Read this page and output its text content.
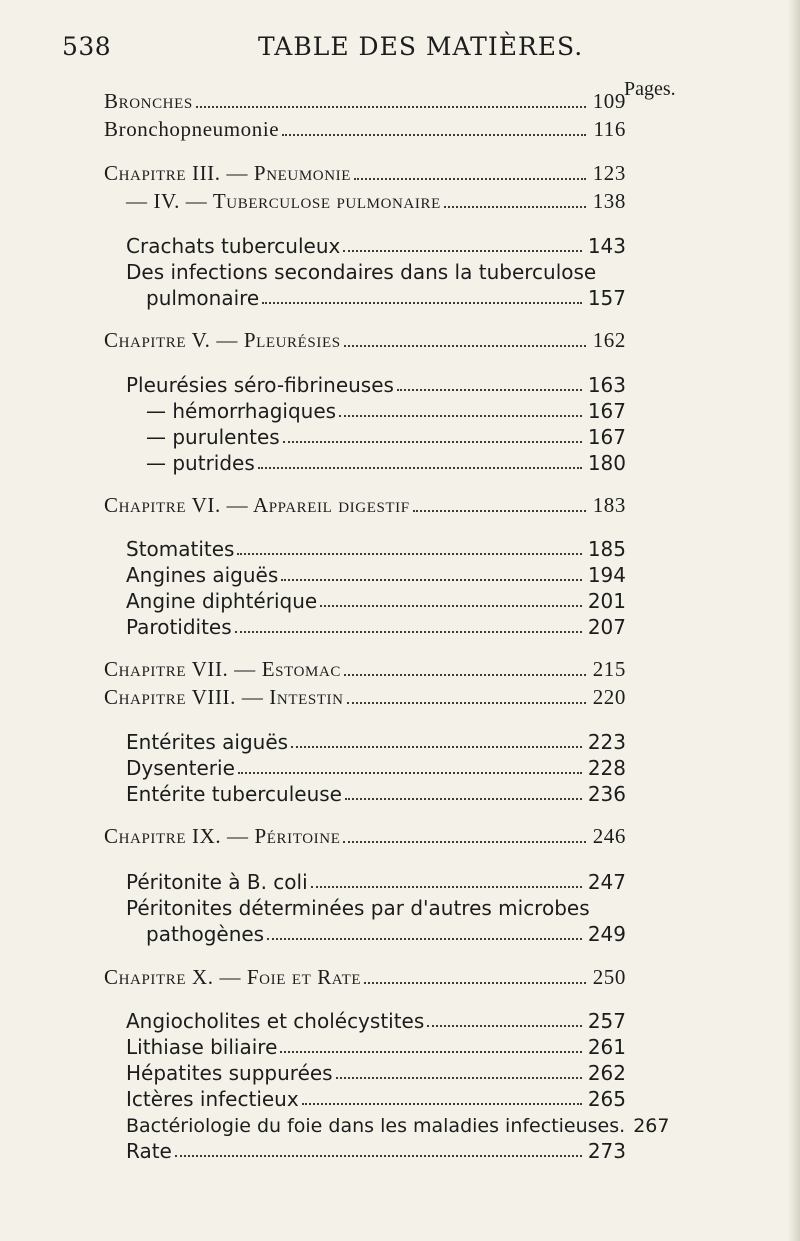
538	TABLE DES MATIÈRES.
Pages.
Bronches	109
Bronchopneumonie	116
Chapitre III. — Pneumonie	123
— IV. — Tuberculose pulmonaire	138
Crachats tuberculeux	143
Des infections secondaires dans la tuberculose
pulmonaire	157
Chapitre V. — Pleurésies	162
Pleurésies séro-fibrineuses	163
— hémorrhagiques	167
— purulentes	167
— putrides	180
Chapitre VI. — Appareil digestif	183
Stomatites	185
Angines aiguës	194
Angine diphtérique	201
Parotidites	207
Chapitre VII. — Estomac	215
Chapitre VIII. — Intestin	220
Entérites aiguës	223
Dysenterie	228
Entérite tuberculeuse	236
Chapitre IX. — Péritoine	246
Péritonite à B. coli	247
Péritonites déterminées par d'autres microbes
pathogènes	249
Chapitre X. — Foie et Rate	250
Angiocholites et cholécystites	257
Lithiase biliaire	261
Hépatites suppurées	262
Ictères infectieux	265
Bactériologie du foie dans les maladies infectieuses. 267
Rate	273
